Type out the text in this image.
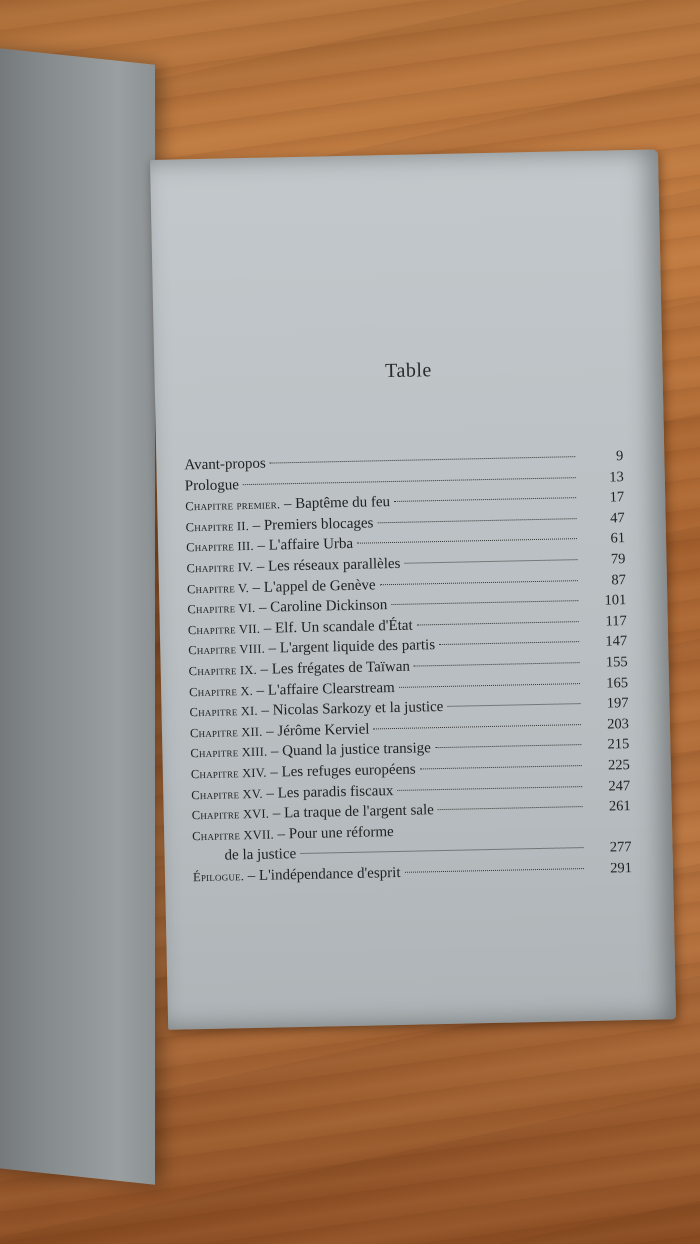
Table
Avant-propos	9
Prologue	13
Chapitre premier. – Baptême du feu	17
Chapitre II. – Premiers blocages	47
Chapitre III. – L'affaire Urba	61
Chapitre IV. – Les réseaux parallèles	79
Chapitre V. – L'appel de Genève	87
Chapitre VI. – Caroline Dickinson	101
Chapitre VII. – Elf. Un scandale d'État	117
Chapitre VIII. – L'argent liquide des partis	147
Chapitre IX. – Les frégates de Taïwan	155
Chapitre X. – L'affaire Clearstream	165
Chapitre XI. – Nicolas Sarkozy et la justice	197
Chapitre XII. – Jérôme Kerviel	203
Chapitre XIII. – Quand la justice transige	215
Chapitre XIV. – Les refuges européens	225
Chapitre XV. – Les paradis fiscaux	247
Chapitre XVI. – La traque de l'argent sale	261
Chapitre XVII. – Pour une réforme
de la justice	277
Épilogue. – L'indépendance d'esprit	291
